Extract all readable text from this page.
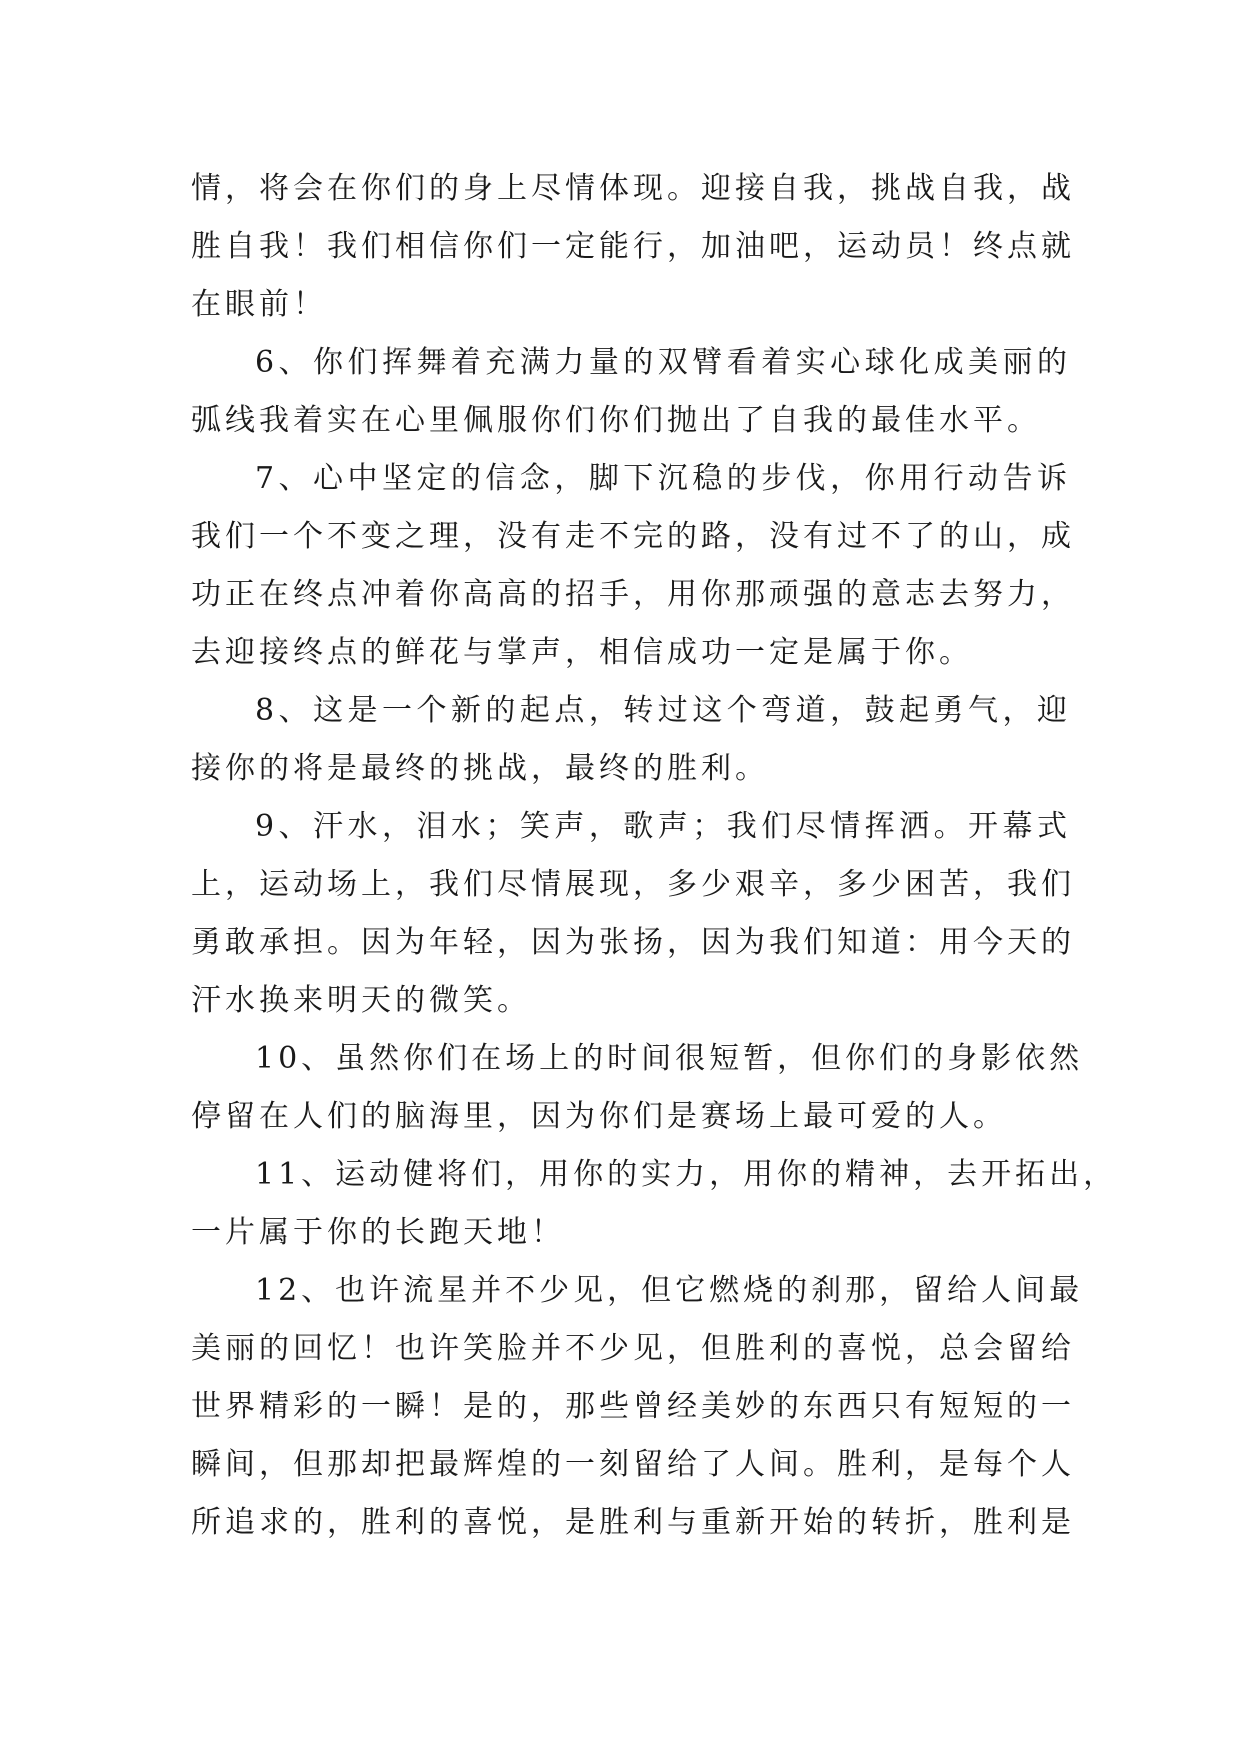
情，将会在你们的身上尽情体现。迎接自我，挑战自我，战
胜自我！我们相信你们一定能行，加油吧，运动员！终点就
在眼前！
6、你们挥舞着充满力量的双臂看着实心球化成美丽的
弧线我着实在心里佩服你们你们抛出了自我的最佳水平。
7、心中坚定的信念，脚下沉稳的步伐，你用行动告诉
我们一个不变之理，没有走不完的路，没有过不了的山，成
功正在终点冲着你高高的招手，用你那顽强的意志去努力，
去迎接终点的鲜花与掌声，相信成功一定是属于你。
8、这是一个新的起点，转过这个弯道，鼓起勇气，迎
接你的将是最终的挑战，最终的胜利。
9、汗水，泪水；笑声，歌声；我们尽情挥洒。开幕式
上，运动场上，我们尽情展现，多少艰辛，多少困苦，我们
勇敢承担。因为年轻，因为张扬，因为我们知道：用今天的
汗水换来明天的微笑。
10、虽然你们在场上的时间很短暂，但你们的身影依然
停留在人们的脑海里，因为你们是赛场上最可爱的人。
11、运动健将们，用你的实力，用你的精神，去开拓出，
一片属于你的长跑天地！
12、也许流星并不少见，但它燃烧的刹那，留给人间最
美丽的回忆！也许笑脸并不少见，但胜利的喜悦，总会留给
世界精彩的一瞬！是的，那些曾经美妙的东西只有短短的一
瞬间，但那却把最辉煌的一刻留给了人间。胜利，是每个人
所追求的，胜利的喜悦，是胜利与重新开始的转折，胜利是
